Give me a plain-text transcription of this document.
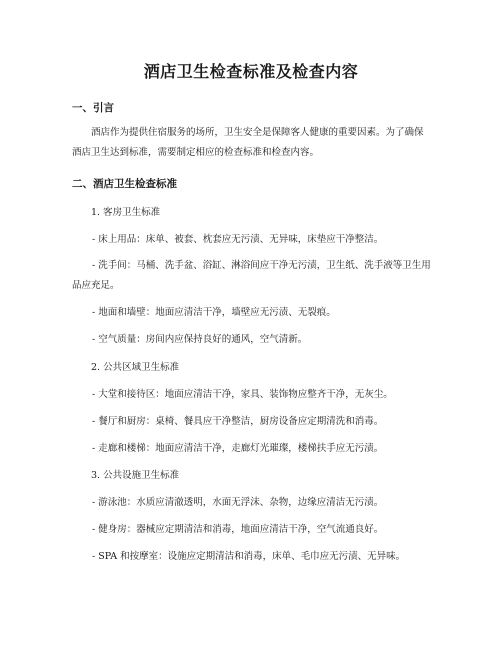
酒店卫生检查标准及检查内容
一、引言
酒店作为提供住宿服务的场所，卫生安全是保障客人健康的重要因素。为了确保酒店卫生达到标准，需要制定相应的检查标准和检查内容。
二、酒店卫生检查标准
1. 客房卫生标准
- 床上用品：床单、被套、枕套应无污渍、无异味，床垫应干净整洁。
- 洗手间：马桶、洗手盆、浴缸、淋浴间应干净无污渍，卫生纸、洗手液等卫生用品应充足。
- 地面和墙壁：地面应清洁干净，墙壁应无污渍、无裂痕。
- 空气质量：房间内应保持良好的通风，空气清新。
2. 公共区域卫生标准
- 大堂和接待区：地面应清洁干净，家具、装饰物应整齐干净，无灰尘。
- 餐厅和厨房：桌椅、餐具应干净整洁，厨房设备应定期清洗和消毒。
- 走廊和楼梯：地面应清洁干净，走廊灯光璀璨，楼梯扶手应无污渍。
3. 公共设施卫生标准
- 游泳池：水质应清澈透明，水面无浮沫、杂物，边缘应清洁无污渍。
- 健身房：器械应定期清洁和消毒，地面应清洁干净，空气流通良好。
- SPA 和按摩室：设施应定期清洁和消毒，床单、毛巾应无污渍、无异味。
